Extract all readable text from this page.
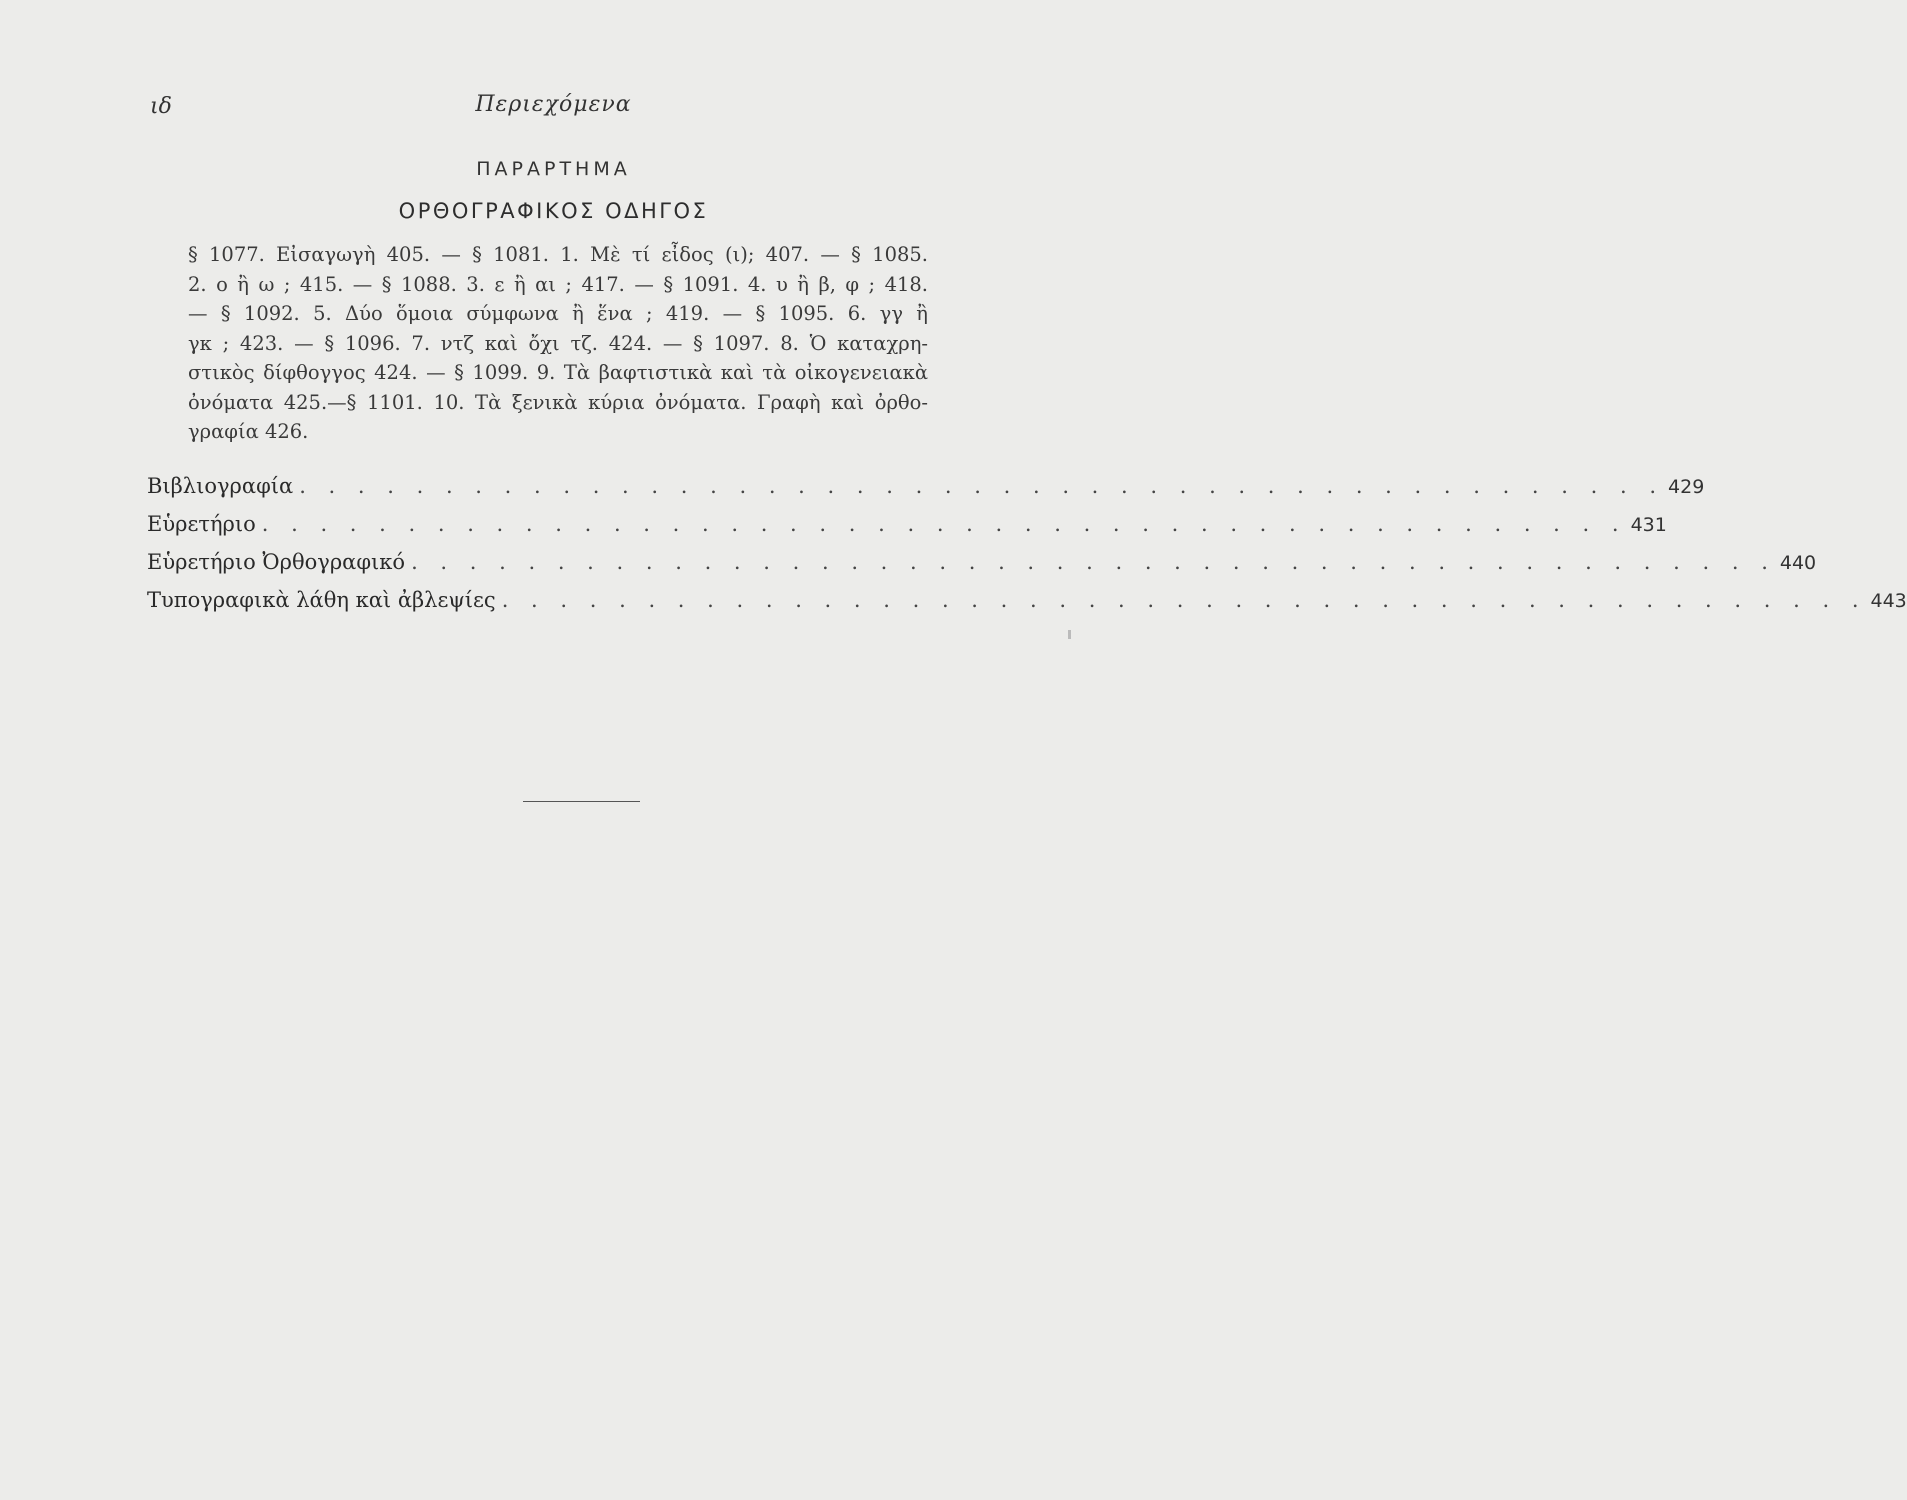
ιδ	Περιεχόμενα
ΠΑΡΑΡΤΗΜΑ
ΟΡΘΟΓΡΑΦΙΚΟΣ ΟΔΗΓΟΣ
§ 1077. Εἰσαγωγὴ 405. — § 1081. 1. Μὲ τί εἶδος (ι); 407. — § 1085.
2. ο ἢ ω ; 415. — § 1088. 3. ε ἢ αι ; 417. — § 1091. 4. υ ἢ β, φ ; 418.
— § 1092. 5. Δύο ὅμοια σύμφωνα ἢ ἕνα ; 419. — § 1095. 6. γγ ἢ
γκ ; 423. — § 1096. 7. ντζ καὶ ὄχι τζ. 424. — § 1097. 8. Ὁ καταχρη-
στικὸς δίφθογγος 424. — § 1099. 9. Τὰ βαφτιστικὰ καὶ τὰ οἰκογενειακὰ
ὀνόματα 425.—§ 1101. 10. Τὰ ξενικὰ κύρια ὀνόματα. Γραφὴ καὶ ὀρθο-
γραφία 426.
Βιβλιογραφία . . . . . . . . . . . . . . . . . . . . . . . . . . . . . . . . . . . . . . . . . . . . . . . 429
Εὑρετήριο . . . . . . . . . . . . . . . . . . . . . . . . . . . . . . . . . . . . . . . . . . . . . . . 431
Εὑρετήριο Ὀρθογραφικό . . . . . . . . . . . . . . . . . . . . . . . . . . . . . . . . . . . . . . . . . . . . . . . 440
Τυπογραφικὰ λάθη καὶ ἀβλεψίες . . . . . . . . . . . . . . . . . . . . . . . . . . . . . . . . . . . . . . . . . . . . . . . 443
